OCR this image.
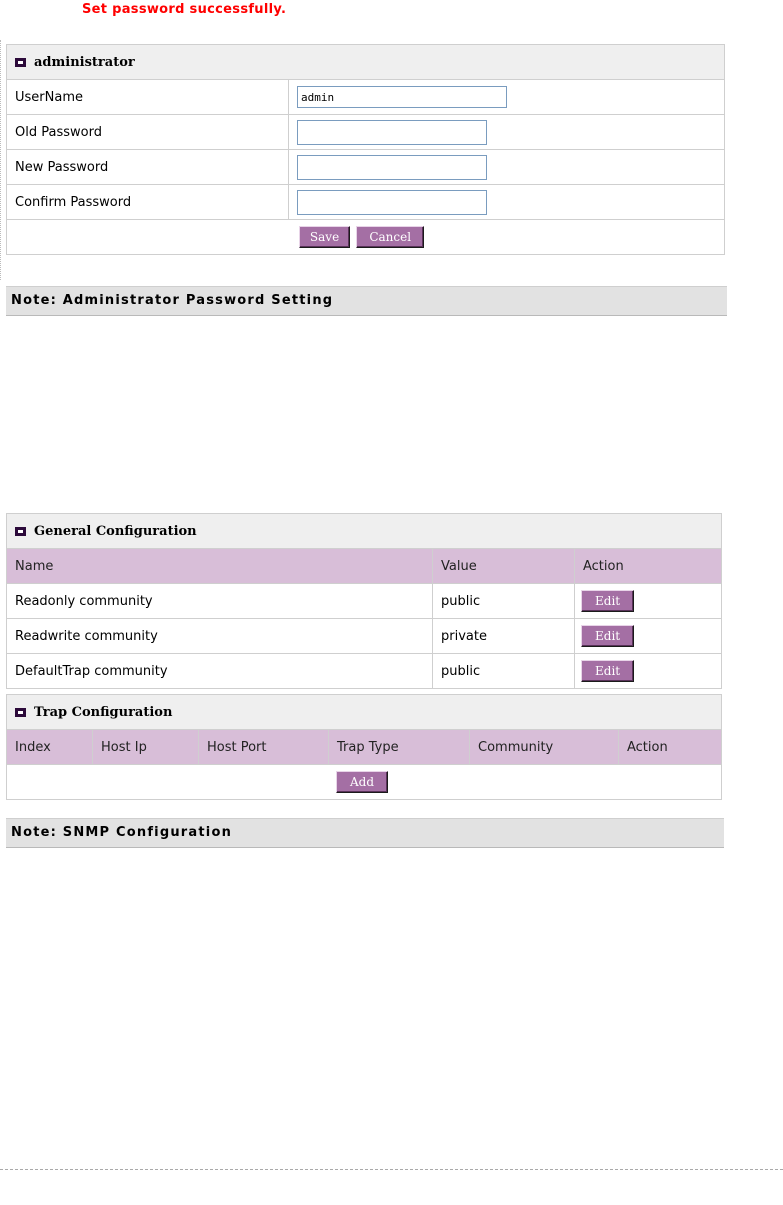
Set password successfully.
administrator	
UserName	admin
Old Password	
New Password	
Confirm Password	
Save Cancel	
Note: Administrator Password Setting
General Configuration		
Name	Value	Action
Readonly community	public	Edit
Readwrite community	private	Edit
DefaultTrap community	public	Edit
Trap Configuration
Index	Host Ip	Host Port	Trap Type	Community	Action
Add
Note: SNMP Configuration
